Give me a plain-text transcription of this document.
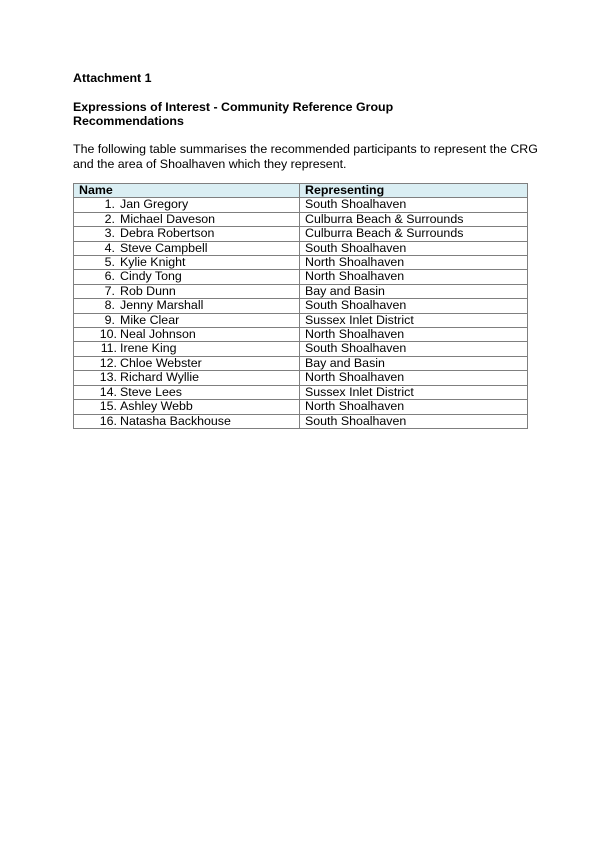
Attachment 1
Expressions of Interest - Community Reference Group
Recommendations
The following table summarises the recommended participants to represent the CRG
and the area of Shoalhaven which they represent.
Name	Representing
1. Jan Gregory	South Shoalhaven
2. Michael Daveson	Culburra Beach & Surrounds
3. Debra Robertson	Culburra Beach & Surrounds
4. Steve Campbell	South Shoalhaven
5. Kylie Knight	North Shoalhaven
6. Cindy Tong	North Shoalhaven
7. Rob Dunn	Bay and Basin
8. Jenny Marshall	South Shoalhaven
9. Mike Clear	Sussex Inlet District
10. Neal Johnson	North Shoalhaven
11. Irene King	South Shoalhaven
12. Chloe Webster	Bay and Basin
13. Richard Wyllie	North Shoalhaven
14. Steve Lees	Sussex Inlet District
15. Ashley Webb	North Shoalhaven
16. Natasha Backhouse	South Shoalhaven
